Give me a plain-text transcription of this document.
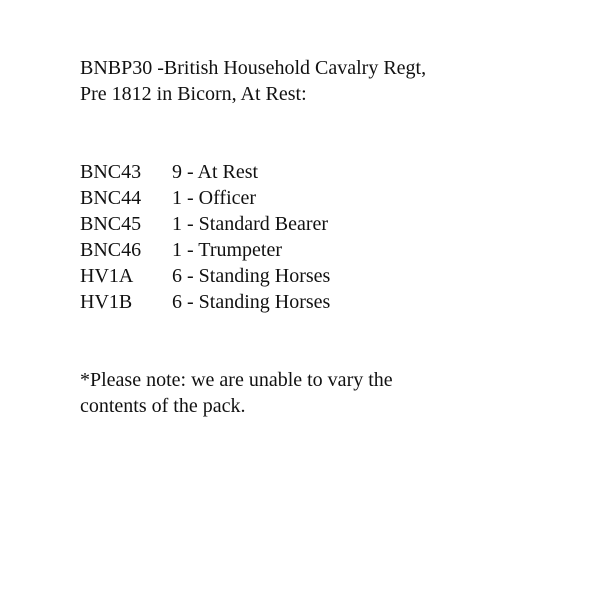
BNBP30 -British Household Cavalry Regt,
Pre 1812 in Bicorn, At Rest:
BNC43	9 - At Rest
BNC44	1 - Officer
BNC45	1 - Standard Bearer
BNC46	1 - Trumpeter
HV1A	6 - Standing Horses
HV1B	6 - Standing Horses
*Please note: we are unable to vary the
contents of the pack.
